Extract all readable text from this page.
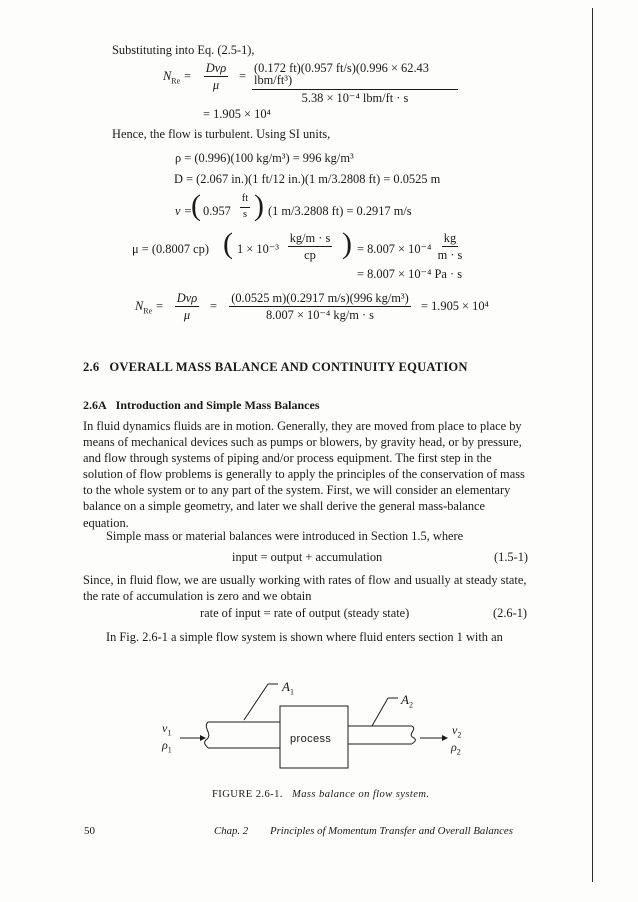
Substituting into Eq. (2.5-1),
$N_{Re}$ =
Dvρ
μ
=
(0.172 ft)(0.957 ft/s)(0.996 × 62.43 lbm/ft³)
5.38 × 10⁻⁴ lbm/ft · s
= 1.905 × 10⁴
Hence, the flow is turbulent. Using SI units,
ρ = (0.996)(100 kg/m³) = 996 kg/m³
D = (2.067 in.)(1 ft/12 in.)(1 m/3.2808 ft) = 0.0525 m
v = ( $0.957 \frac{ft}{s}$ ) (1 m/3.2808 ft) = 0.2917 m/s
μ = (0.8007 cp) ( $1 \times 10^{-3} \frac{kg/m \cdot s}{cp}$ ) = $8.007 \times 10^{-4} \frac{kg}{m \cdot s}$
= 8.007 × 10⁻⁴ Pa · s
$N_{Re}$ =
Dvρ
μ
= $\frac{\text{(0.0525 m)(0.2917 m/s)(996 kg/m³)}}{\text{8.007 × 10⁻⁴ kg/m · s}} = 1.905 \times 10^4$
2.6 OVERALL MASS BALANCE AND CONTINUITY EQUATION
2.6A Introduction and Simple Mass Balances
In fluid dynamics fluids are in motion. Generally, they are moved from place to place by
means of mechanical devices such as pumps or blowers, by gravity head, or by pressure,
and flow through systems of piping and/or process equipment. The first step in the
solution of flow problems is generally to apply the principles of the conservation of mass
to the whole system or to any part of the system. First, we will consider an elementary
balance on a simple geometry, and later we shall derive the general mass-balance
equation.
Simple mass or material balances were introduced in Section 1.5, where
input = output + accumulation	(1.5-1)
Since, in fluid flow, we are usually working with rates of flow and usually at steady state,
the rate of accumulation is zero and we obtain
rate of input = rate of output (steady state)	(2.6-1)
In Fig. 2.6-1 a simple flow system is shown where fluid enters section 1 with an
$A_1$	$A_2$
$v_1$
$\rho_1$
process
$v_2$
$\rho_2$
FIGURE 2.6-1. Mass balance on flow system.
50	Chap. 2 Principles of Momentum Transfer and Overall Balances
